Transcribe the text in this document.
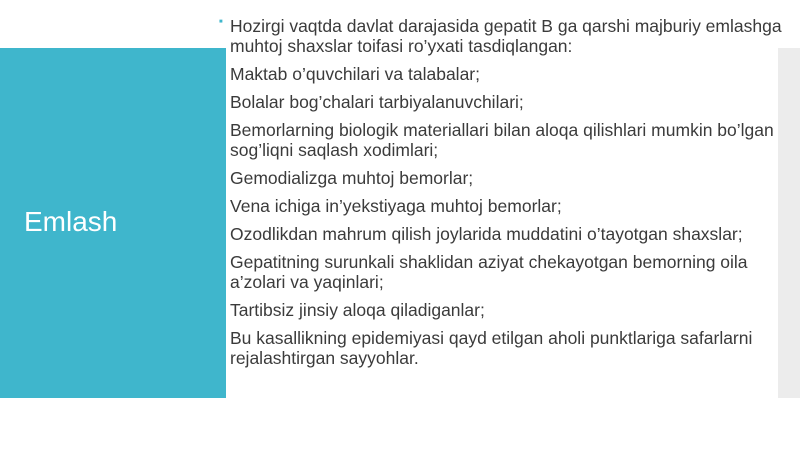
Emlash
■ Hozirgi vaqtda davlat darajasida gepatit B ga qarshi majburiy emlashga muhtoj shaxslar toifasi ro’yxati tasdiqlangan:
Maktab o’quvchilari va talabalar;
Bolalar bog’chalari tarbiyalanuvchilari;
Bemorlarning biologik materiallari bilan aloqa qilishlari mumkin bo’lgan sog’liqni saqlash xodimlari;
Gemodializga muhtoj bemorlar;
Vena ichiga in’yekstiyaga muhtoj bemorlar;
Ozodlikdan mahrum qilish joylarida muddatini o’tayotgan shaxslar;
Gepatitning surunkali shaklidan aziyat chekayotgan bemorning oila a’zolari va yaqinlari;
Tartibsiz jinsiy aloqa qiladiganlar;
Bu kasallikning epidemiyasi qayd etilgan aholi punktlariga safarlarni rejalashtirgan sayyohlar.
